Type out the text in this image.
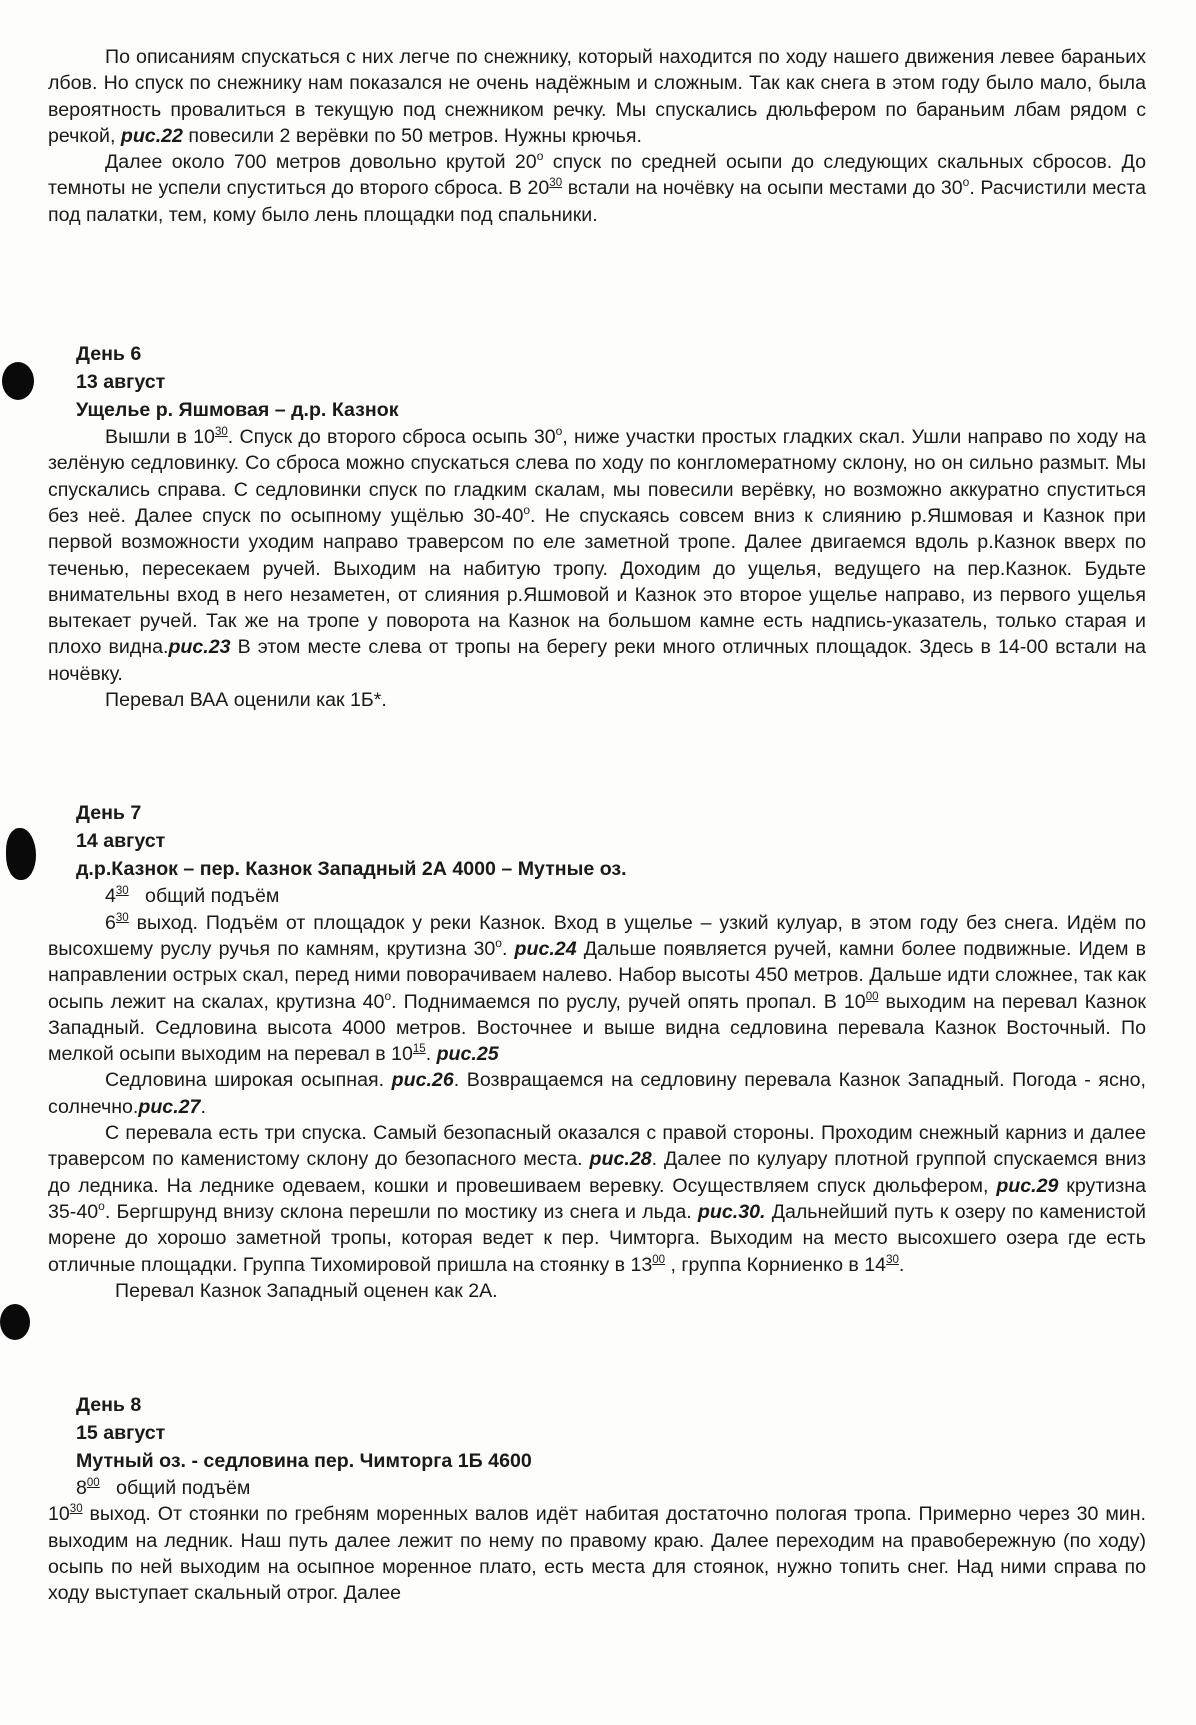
По описаниям спускаться с них легче по снежнику, который находится по ходу нашего движения левее бараньих лбов. Но спуск по снежнику нам показался не очень надёжным и сложным. Так как снега в этом году было мало, была вероятность провалиться в текущую под снежником речку. Мы спускались дюльфером по бараньим лбам рядом с речкой, рис.22 повесили 2 верёвки по 50 метров. Нужны крючья.

Далее около 700 метров довольно крутой 20$^o$ спуск по средней осыпи до следующих скальных сбросов. До темноты не успели спуститься до второго сброса. В $20^{30}$ встали на ночёвку на осыпи местами до 30$^o$. Расчистили места под палатки, тем, кому было лень площадки под спальники.

День 6
13 август
Ущелье р. Яшмовая – д.р. Казнок

Вышли в $10^{30}$. Спуск до второго сброса осыпь 30$^o$, ниже участки простых гладких скал. Ушли направо по ходу на зелёную седловинку. Со сброса можно спускаться слева по ходу по конгломератному склону, но он сильно размыт. Мы спускались справа. С седловинки спуск по гладким скалам, мы повесили верёвку, но возможно аккуратно спуститься без неё. Далее спуск по осыпному ущёлью 30-40$^o$. Не спускаясь совсем вниз к слиянию р.Яшмовая и Казнок при первой возможности уходим направо траверсом по еле заметной тропе. Далее двигаемся вдоль р.Казнок вверх по теченью, пересекаем ручей. Выходим на набитую тропу. Доходим до ущелья, ведущего на пер.Казнок. Будьте внимательны вход в него незаметен, от слияния р.Яшмовой и Казнок это второе ущелье направо, из первого ущелья вытекает ручей. Так же на тропе у поворота на Казнок на большом камне есть надпись-указатель, только старая и плохо видна.рис.23 В этом месте слева от тропы на берегу реки много отличных площадок. Здесь в 14-00 встали на ночёвку.

Перевал ВАА оценили как 1Б*.

День 7
14 август
д.р.Казнок – пер. Казнок Западный 2А 4000 – Мутные оз.

$4^{30}$ общий подъём

$6^{30}$ выход. Подъём от площадок у реки Казнок. Вход в ущелье – узкий кулуар, в этом году без снега. Идём по высохшему руслу ручья по камням, крутизна 30$^o$. рис.24 Дальше появляется ручей, камни более подвижные. Идем в направлении острых скал, перед ними поворачиваем налево. Набор высоты 450 метров. Дальше идти сложнее, так как осыпь лежит на скалах, крутизна 40$^o$. Поднимаемся по руслу, ручей опять пропал. В $10^{00}$ выходим на перевал Казнок Западный. Седловина высота 4000 метров. Восточнее и выше видна седловина перевала Казнок Восточный. По мелкой осыпи выходим на перевал в $10^{15}$. рис.25

Седловина широкая осыпная. рис.26. Возвращаемся на седловину перевала Казнок Западный. Погода - ясно, солнечно.рис.27.

С перевала есть три спуска. Самый безопасный оказался с правой стороны. Проходим снежный карниз и далее траверсом по каменистому склону до безопасного места. рис.28. Далее по кулуару плотной группой спускаемся вниз до ледника. На леднике одеваем, кошки и провешиваем веревку. Осуществляем спуск дюльфером, рис.29 крутизна 35-40$^o$. Бергшрунд внизу склона перешли по мостику из снега и льда. рис.30. Дальнейший путь к озеру по каменистой морене до хорошо заметной тропы, которая ведет к пер. Чимторга. Выходим на место высохшего озера где есть отличные площадки. Группа Тихомировой пришла на стоянку в $13^{00}$ , группа Корниенко в $14^{30}$.

Перевал Казнок Западный оценен как 2А.

День 8
15 август
Мутный оз. - седловина пер. Чимторга 1Б 4600

$8^{00}$ общий подъём

$10^{30}$ выход. От стоянки по гребням моренных валов идёт набитая достаточно пологая тропа. Примерно через 30 мин. выходим на ледник. Наш путь далее лежит по нему по правому краю. Далее переходим на правобережную (по ходу) осыпь по ней выходим на осыпное моренное плато, есть места для стоянок, нужно топить снег. Над ними справа по ходу выступает скальный отрог. Далее
